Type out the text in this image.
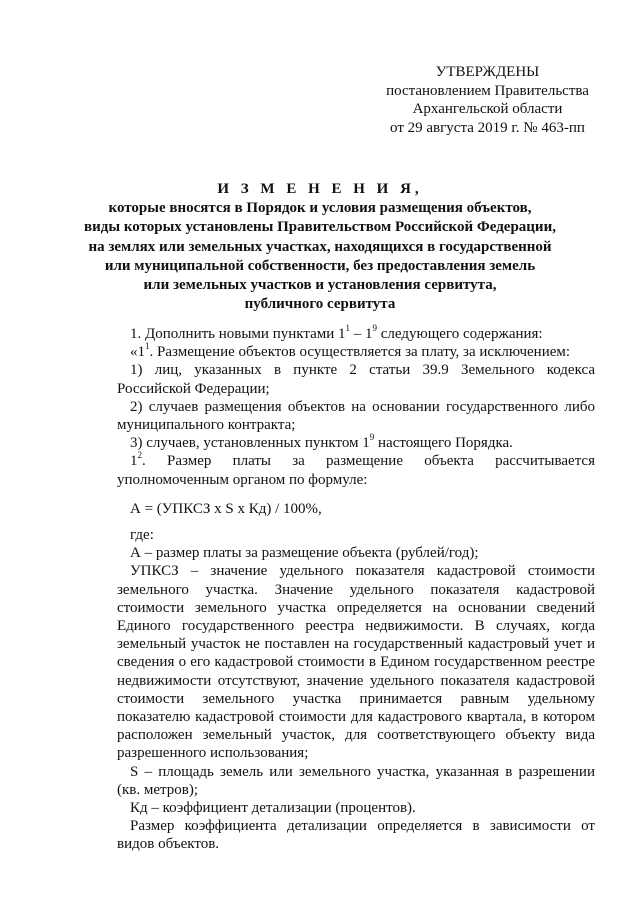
УТВЕРЖДЕНЫ
постановлением Правительства
Архангельской области
от 29 августа 2019 г. № 463-пп
И З М Е Н Е Н И Я,
которые вносятся в Порядок и условия размещения объектов,
виды которых установлены Правительством Российской Федерации,
на землях или земельных участках, находящихся в государственной
или муниципальной собственности, без предоставления земель
или земельных участков и установления сервитута,
публичного сервитута
1. Дополнить новыми пунктами $1^1 - 1^9$ следующего содержания:
«$1^1$. Размещение объектов осуществляется за плату, за исключением:
1) лиц, указанных в пункте 2 статьи 39.9 Земельного кодекса Российской Федерации;
2) случаев размещения объектов на основании государственного либо муниципального контракта;
3) случаев, установленных пунктом $1^9$ настоящего Порядка.
$1^2$. Размер платы за размещение объекта рассчитывается уполномоченным органом по формуле:
А = (УПКСЗ х S х Кд) / 100%,
где:
А – размер платы за размещение объекта (рублей/год);
УПКСЗ – значение удельного показателя кадастровой стоимости земельного участка. Значение удельного показателя кадастровой стоимости земельного участка определяется на основании сведений Единого государственного реестра недвижимости. В случаях, когда земельный участок не поставлен на государственный кадастровый учет и сведения о его кадастровой стоимости в Едином государственном реестре недвижимости отсутствуют, значение удельного показателя кадастровой стоимости земельного участка принимается равным удельному показателю кадастровой стоимости для кадастрового квартала, в котором расположен земельный участок, для соответствующего объекту вида разрешенного использования;
S – площадь земель или земельного участка, указанная в разрешении (кв. метров);
Кд – коэффициент детализации (процентов).
Размер коэффициента детализации определяется в зависимости от видов объектов.
